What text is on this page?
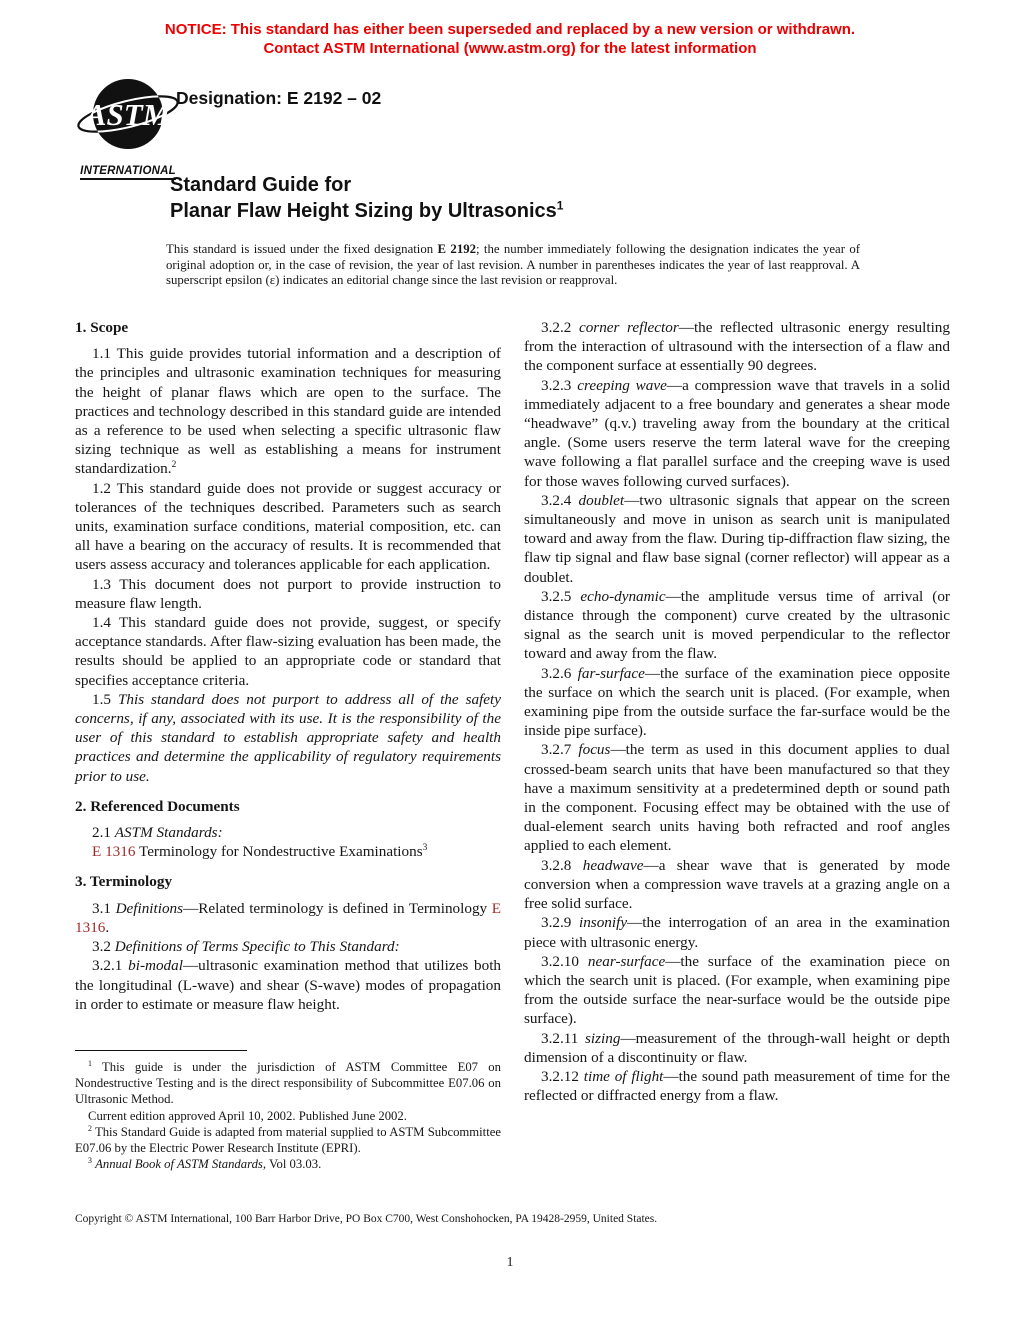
NOTICE: This standard has either been superseded and replaced by a new version or withdrawn.
Contact ASTM International (www.astm.org) for the latest information
ASTM
INTERNATIONAL
Designation: E 2192 – 02
Standard Guide for
Planar Flaw Height Sizing by Ultrasonics$^1$
This standard is issued under the fixed designation E 2192; the number immediately following the designation indicates the year of original adoption or, in the case of revision, the year of last revision. A number in parentheses indicates the year of last reapproval. A superscript epsilon (ε) indicates an editorial change since the last revision or reapproval.
1. Scope
1.1 This guide provides tutorial information and a description of the principles and ultrasonic examination techniques for measuring the height of planar flaws which are open to the surface. The practices and technology described in this standard guide are intended as a reference to be used when selecting a specific ultrasonic flaw sizing technique as well as establishing a means for instrument standardization.$^2$
1.2 This standard guide does not provide or suggest accuracy or tolerances of the techniques described. Parameters such as search units, examination surface conditions, material composition, etc. can all have a bearing on the accuracy of results. It is recommended that users assess accuracy and tolerances applicable for each application.
1.3 This document does not purport to provide instruction to measure flaw length.
1.4 This standard guide does not provide, suggest, or specify acceptance standards. After flaw-sizing evaluation has been made, the results should be applied to an appropriate code or standard that specifies acceptance criteria.
1.5 This standard does not purport to address all of the safety concerns, if any, associated with its use. It is the responsibility of the user of this standard to establish appropriate safety and health practices and determine the applicability of regulatory requirements prior to use.
2. Referenced Documents
2.1 ASTM Standards:
E 1316 Terminology for Nondestructive Examinations$^3$
3. Terminology
3.1 Definitions—Related terminology is defined in Terminology E 1316.
3.2 Definitions of Terms Specific to This Standard:
3.2.1 bi-modal—ultrasonic examination method that utilizes both the longitudinal (L-wave) and shear (S-wave) modes of propagation in order to estimate or measure flaw height.
3.2.2 corner reflector—the reflected ultrasonic energy resulting from the interaction of ultrasound with the intersection of a flaw and the component surface at essentially 90 degrees.
3.2.3 creeping wave—a compression wave that travels in a solid immediately adjacent to a free boundary and generates a shear mode “headwave” (q.v.) traveling away from the boundary at the critical angle. (Some users reserve the term lateral wave for the creeping wave following a flat parallel surface and the creeping wave is used for those waves following curved surfaces).
3.2.4 doublet—two ultrasonic signals that appear on the screen simultaneously and move in unison as search unit is manipulated toward and away from the flaw. During tip-diffraction flaw sizing, the flaw tip signal and flaw base signal (corner reflector) will appear as a doublet.
3.2.5 echo-dynamic—the amplitude versus time of arrival (or distance through the component) curve created by the ultrasonic signal as the search unit is moved perpendicular to the reflector toward and away from the flaw.
3.2.6 far-surface—the surface of the examination piece opposite the surface on which the search unit is placed. (For example, when examining pipe from the outside surface the far-surface would be the inside pipe surface).
3.2.7 focus—the term as used in this document applies to dual crossed-beam search units that have been manufactured so that they have a maximum sensitivity at a predetermined depth or sound path in the component. Focusing effect may be obtained with the use of dual-element search units having both refracted and roof angles applied to each element.
3.2.8 headwave—a shear wave that is generated by mode conversion when a compression wave travels at a grazing angle on a free solid surface.
3.2.9 insonify—the interrogation of an area in the examination piece with ultrasonic energy.
3.2.10 near-surface—the surface of the examination piece on which the search unit is placed. (For example, when examining pipe from the outside surface the near-surface would be the outside pipe surface).
3.2.11 sizing—measurement of the through-wall height or depth dimension of a discontinuity or flaw.
3.2.12 time of flight—the sound path measurement of time for the reflected or diffracted energy from a flaw.
$^1$ This guide is under the jurisdiction of ASTM Committee E07 on Nondestructive Testing and is the direct responsibility of Subcommittee E07.06 on Ultrasonic Method.
Current edition approved April 10, 2002. Published June 2002.
$^2$ This Standard Guide is adapted from material supplied to ASTM Subcommittee E07.06 by the Electric Power Research Institute (EPRI).
$^3$ Annual Book of ASTM Standards, Vol 03.03.
Copyright © ASTM International, 100 Barr Harbor Drive, PO Box C700, West Conshohocken, PA 19428-2959, United States.
1
